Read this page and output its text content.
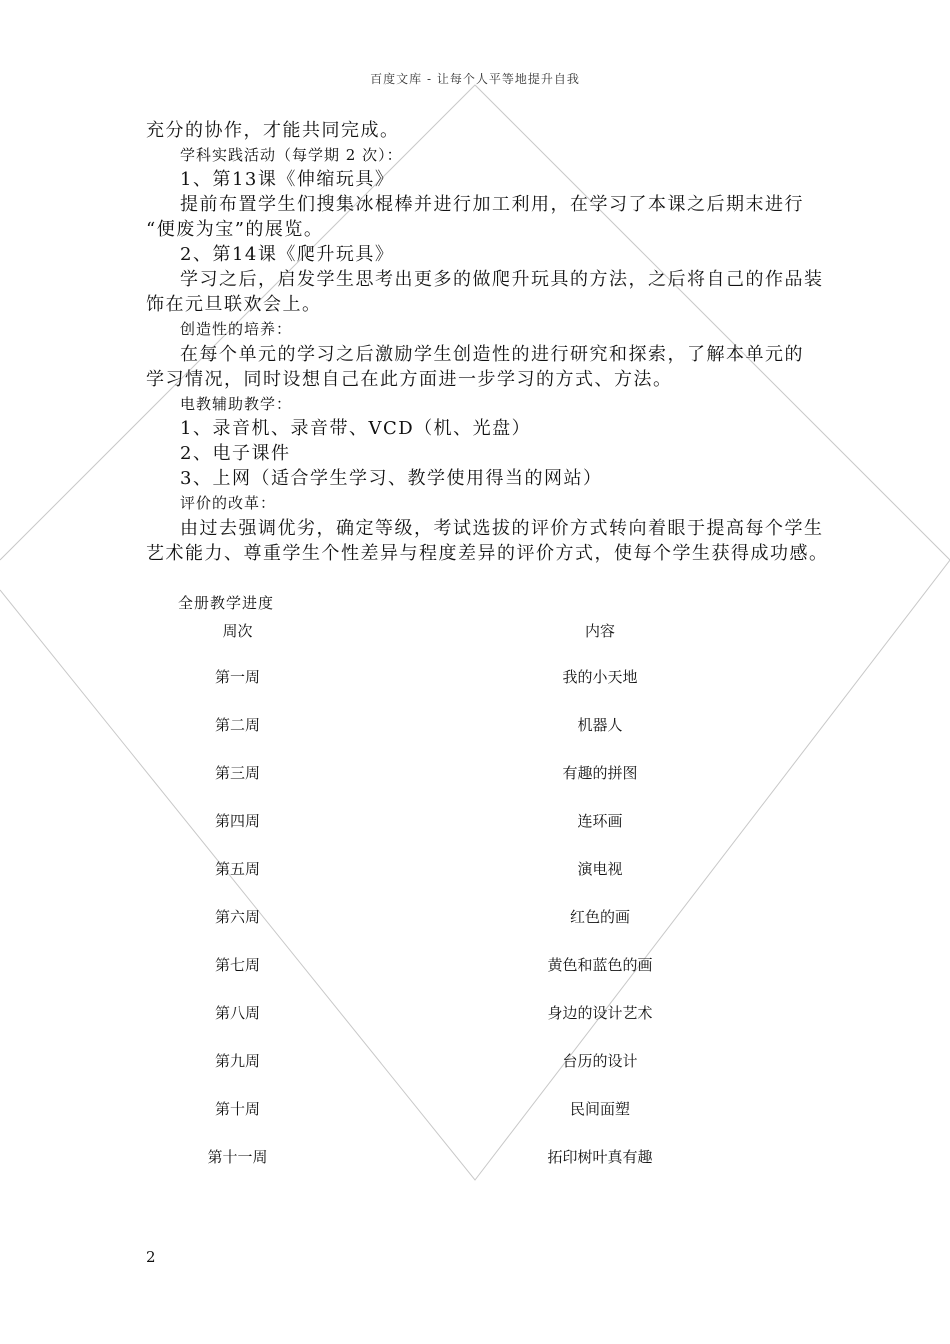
百度文库 - 让每个人平等地提升自我
充分的协作，才能共同完成。
学科实践活动（每学期 2 次）：
1、第13课《伸缩玩具》
提前布置学生们搜集冰棍棒并进行加工利用，在学习了本课之后期末进行
“便废为宝”的展览。
2、第14课《爬升玩具》
学习之后，启发学生思考出更多的做爬升玩具的方法，之后将自己的作品装
饰在元旦联欢会上。
创造性的培养：
在每个单元的学习之后激励学生创造性的进行研究和探索，了解本单元的
学习情况，同时设想自己在此方面进一步学习的方式、方法。
电教辅助教学：
1、录音机、录音带、VCD（机、光盘）
2、电子课件
3、上网（适合学生学习、教学使用得当的网站）
评价的改革：
由过去强调优劣，确定等级，考试选拔的评价方式转向着眼于提高每个学生
艺术能力、尊重学生个性差异与程度差异的评价方式，使每个学生获得成功感。
全册教学进度
周次	内容
第一周	我的小天地
第二周	机器人
第三周	有趣的拼图
第四周	连环画
第五周	演电视
第六周	红色的画
第七周	黄色和蓝色的画
第八周	身边的设计艺术
第九周	台历的设计
第十周	民间面塑
第十一周	拓印树叶真有趣
2
